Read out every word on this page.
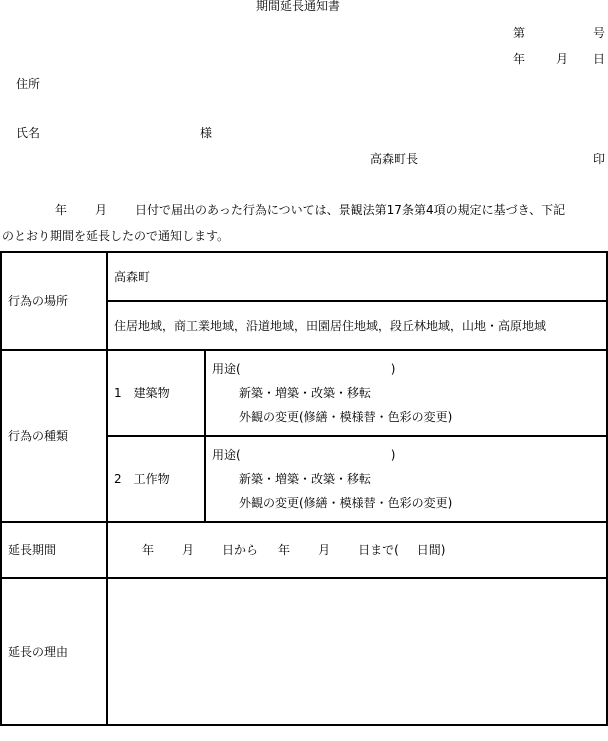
期間延長通知書
第	号
年	月 日
住所
氏名	様
高森町長	印
年 月 日付で届出のあった行為については、景観法第17条第4項の規定に基づき、下記
のとおり期間を延長したので通知します。
行為の場所	高森町	
	住居地域，商工業地域，沿道地域，田園居住地域，段丘林地域，山地・高原地域	
行為の種類	1　建築物	用途( )
新築・増築・改築・移転
外観の変更(修繕・模様替・色彩の変更)

	2　工作物	用途( )
新築・増築・改築・移転
外観の変更(修繕・模様替・色彩の変更)

延長期間	年 月 日から 年 月 日まで( 日間)	
延長の理由		
